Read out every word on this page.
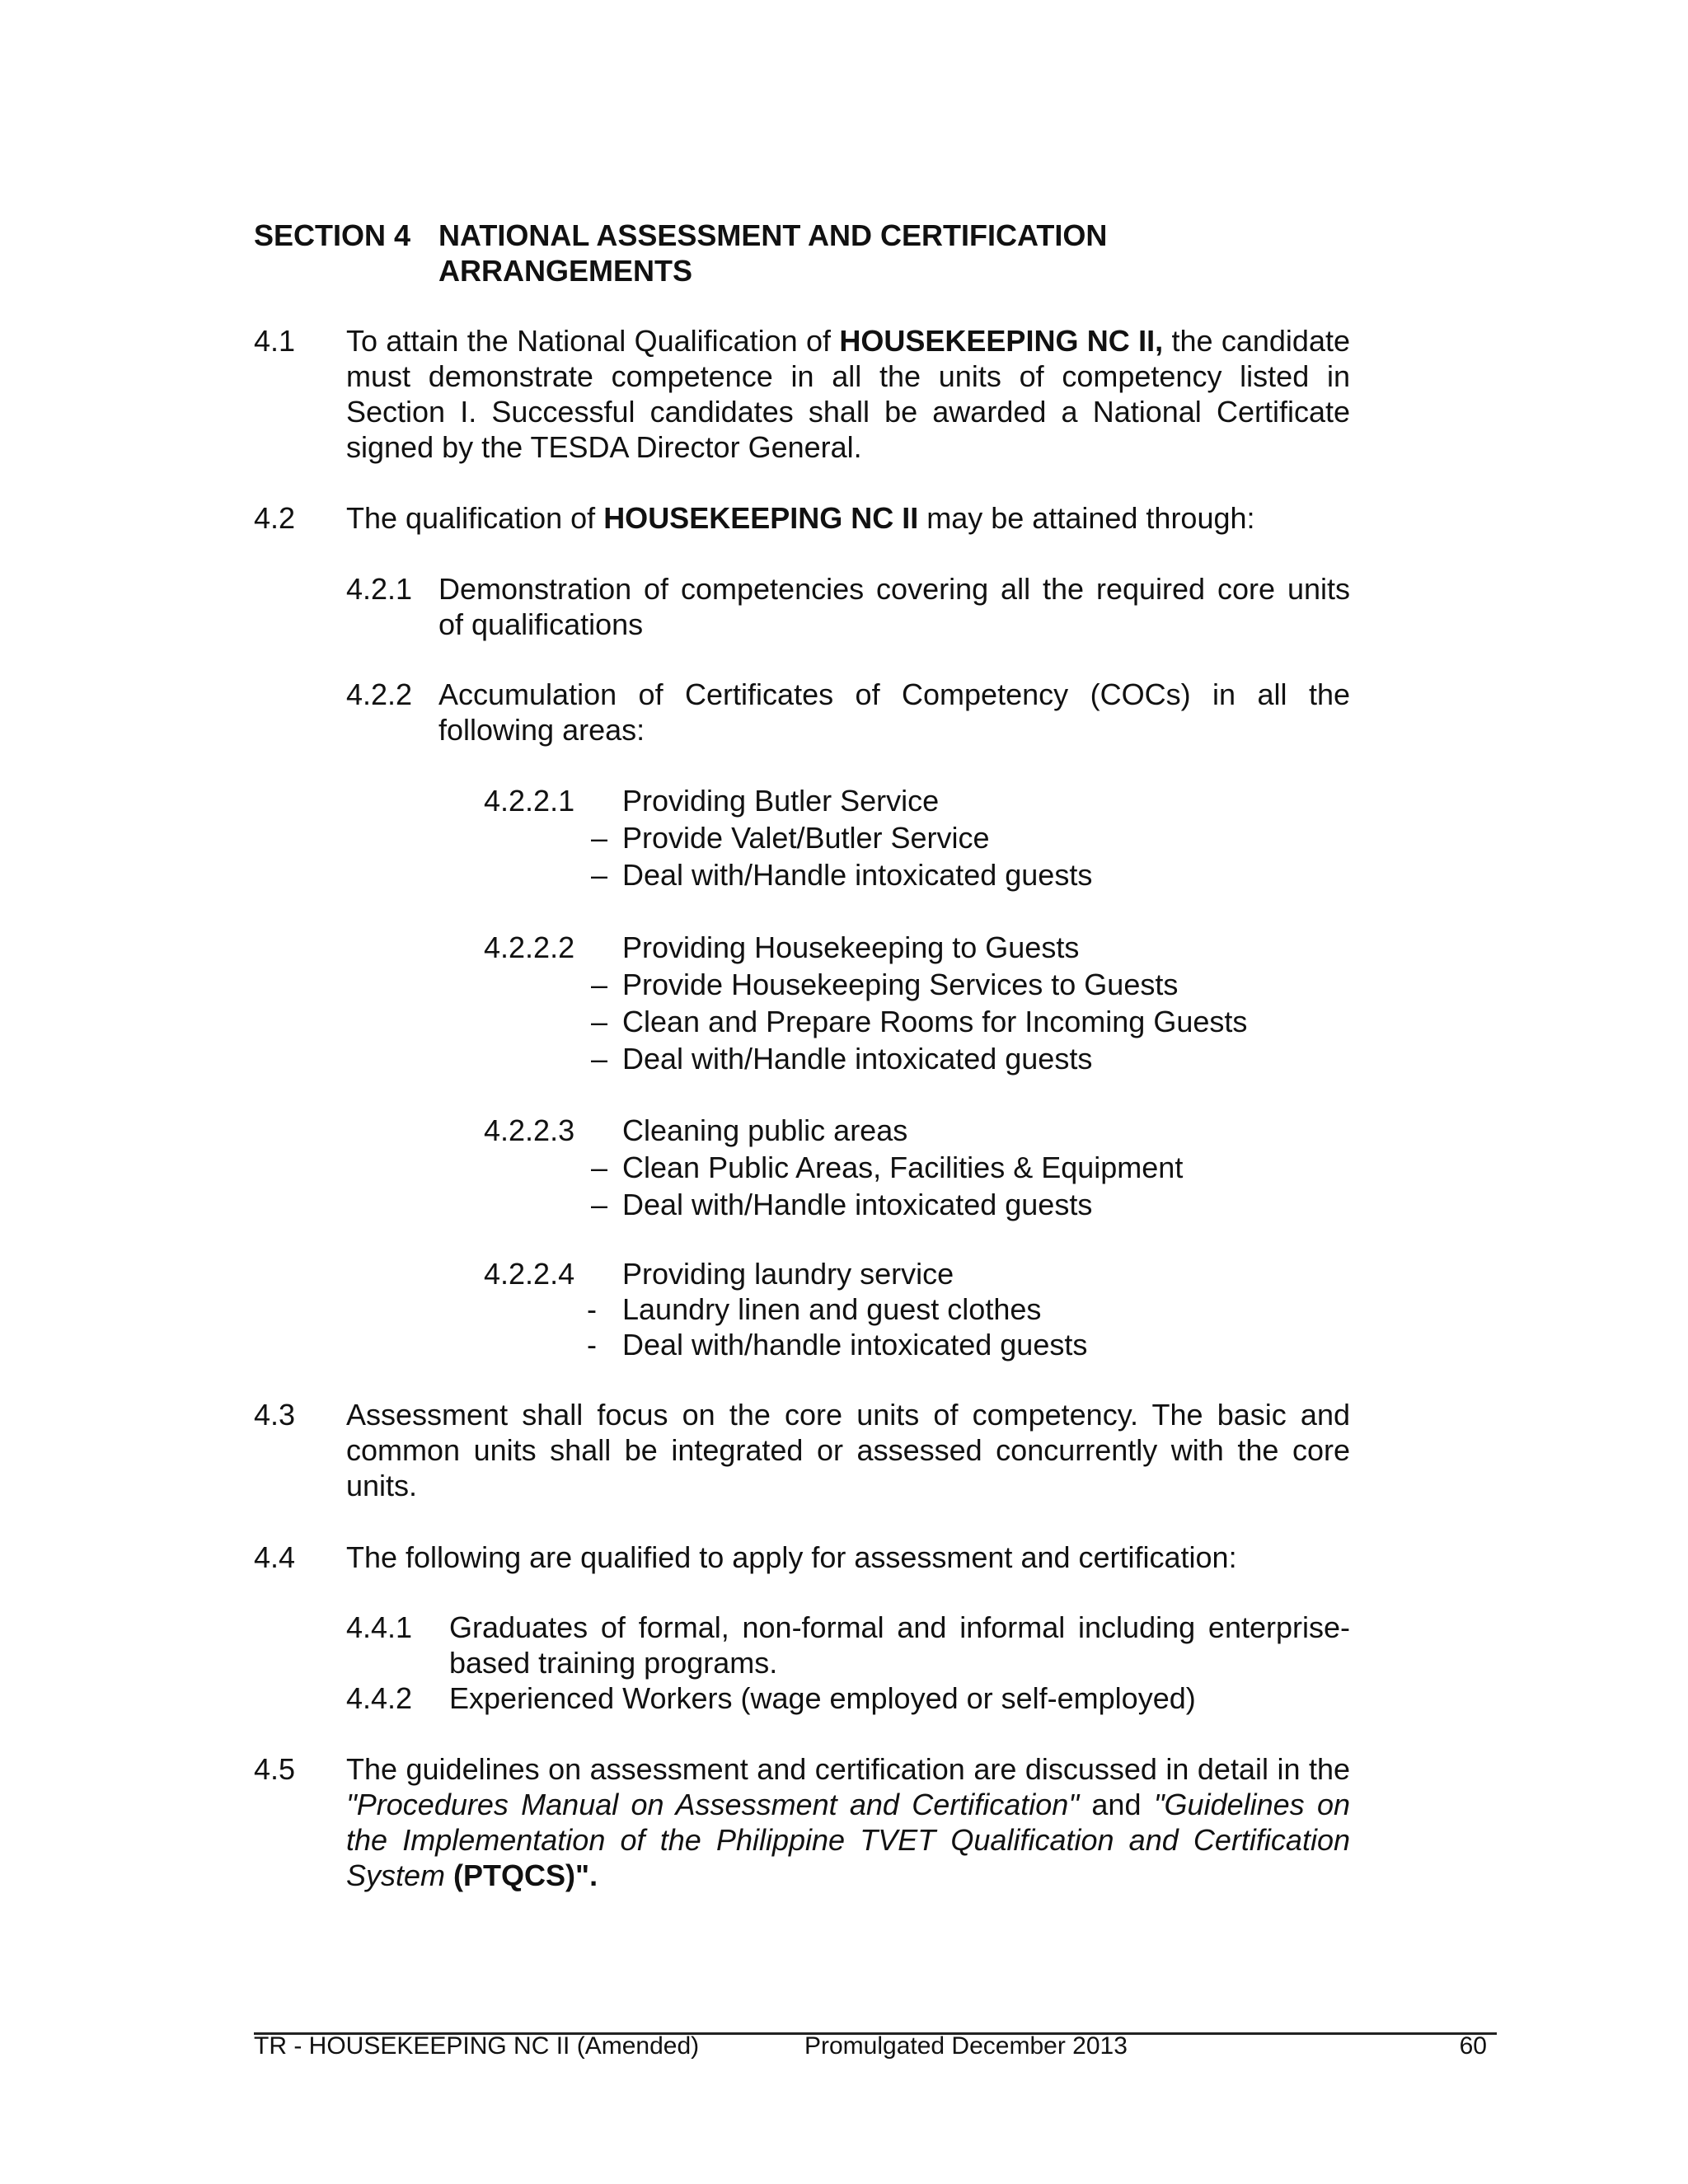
SECTION 4 NATIONAL ASSESSMENT AND CERTIFICATION
ARRANGEMENTS
4.1 To attain the National Qualification of HOUSEKEEPING NC II, the candidate must demonstrate competence in all the units of competency listed in Section I. Successful candidates shall be awarded a National Certificate signed by the TESDA Director General.

4.2 The qualification of HOUSEKEEPING NC II may be attained through:

4.2.1 Demonstration of competencies covering all the required core units of qualifications

4.2.2 Accumulation of Certificates of Competency (COCs) in all the following areas:

4.2.2.1 Providing Butler Service
– Provide Valet/Butler Service
– Deal with/Handle intoxicated guests
4.2.2.2 Providing Housekeeping to Guests
– Provide Housekeeping Services to Guests
– Clean and Prepare Rooms for Incoming Guests
– Deal with/Handle intoxicated guests
4.2.2.3 Cleaning public areas
– Clean Public Areas, Facilities & Equipment
– Deal with/Handle intoxicated guests
4.2.2.4 Providing laundry service
- Laundry linen and guest clothes
- Deal with/handle intoxicated guests
4.3 Assessment shall focus on the core units of competency. The basic and common units shall be integrated or assessed concurrently with the core units.

4.4 The following are qualified to apply for assessment and certification:

4.4.1 Graduates of formal, non-formal and informal including enterprise-based training programs.

4.4.2 Experienced Workers (wage employed or self-employed)

4.5 The guidelines on assessment and certification are discussed in detail in the "Procedures Manual on Assessment and Certification" and "Guidelines on the Implementation of the Philippine TVET Qualification and Certification System (PTQCS)".

TR - HOUSEKEEPING NC II (Amended)	Promulgated December 2013	60
